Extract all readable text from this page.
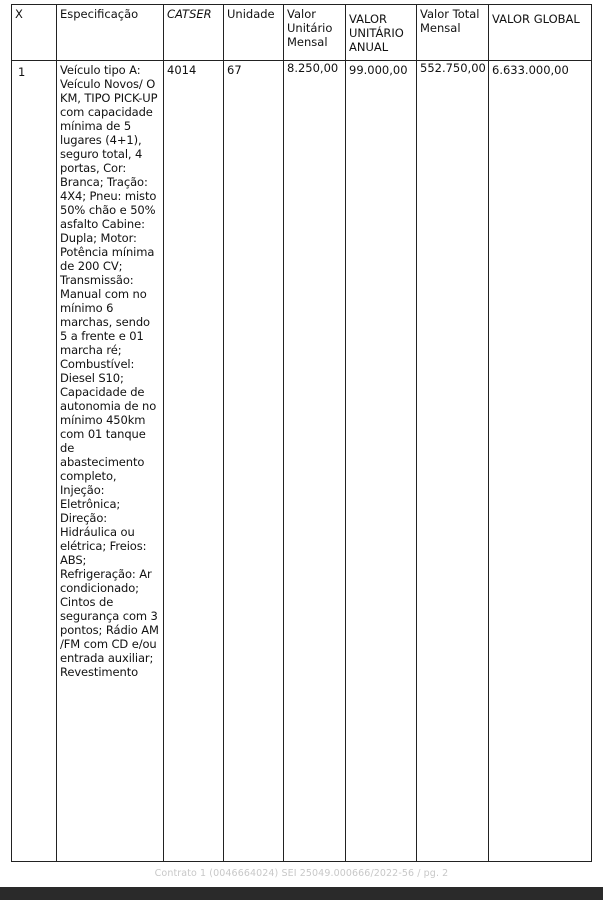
X	Especificação	CATSER	Unidade	Valor Unitário Mensal	VALOR UNITÁRIO ANUAL	Valor Total Mensal	VALOR GLOBAL
1	Veículo tipo A: Veículo Novos/ O KM, TIPO PICK-UP com capacidade mínima de 5 lugares (4+1), seguro total, 4 portas, Cor: Branca; Tração: 4X4; Pneu: misto 50% chão e 50% asfalto Cabine: Dupla; Motor: Potência mínima de 200 CV; Transmissão: Manual com no mínimo 6 marchas, sendo 5 a frente e 01 marcha ré; Combustível: Diesel S10; Capacidade de autonomia de no mínimo 450km com 01 tanque de abastecimento completo, Injeção: Eletrônica; Direção: Hidráulica ou elétrica; Freios: ABS; Refrigeração: Ar condicionado; Cintos de segurança com 3 pontos; Rádio AM /FM com CD e/ou entrada auxiliar; Revestimento	4014	67	8.250,00	99.000,00	552.750,00	6.633.000,00
Contrato 1 (0046664024) SEI 25049.000666/2022-56 / pg. 2
